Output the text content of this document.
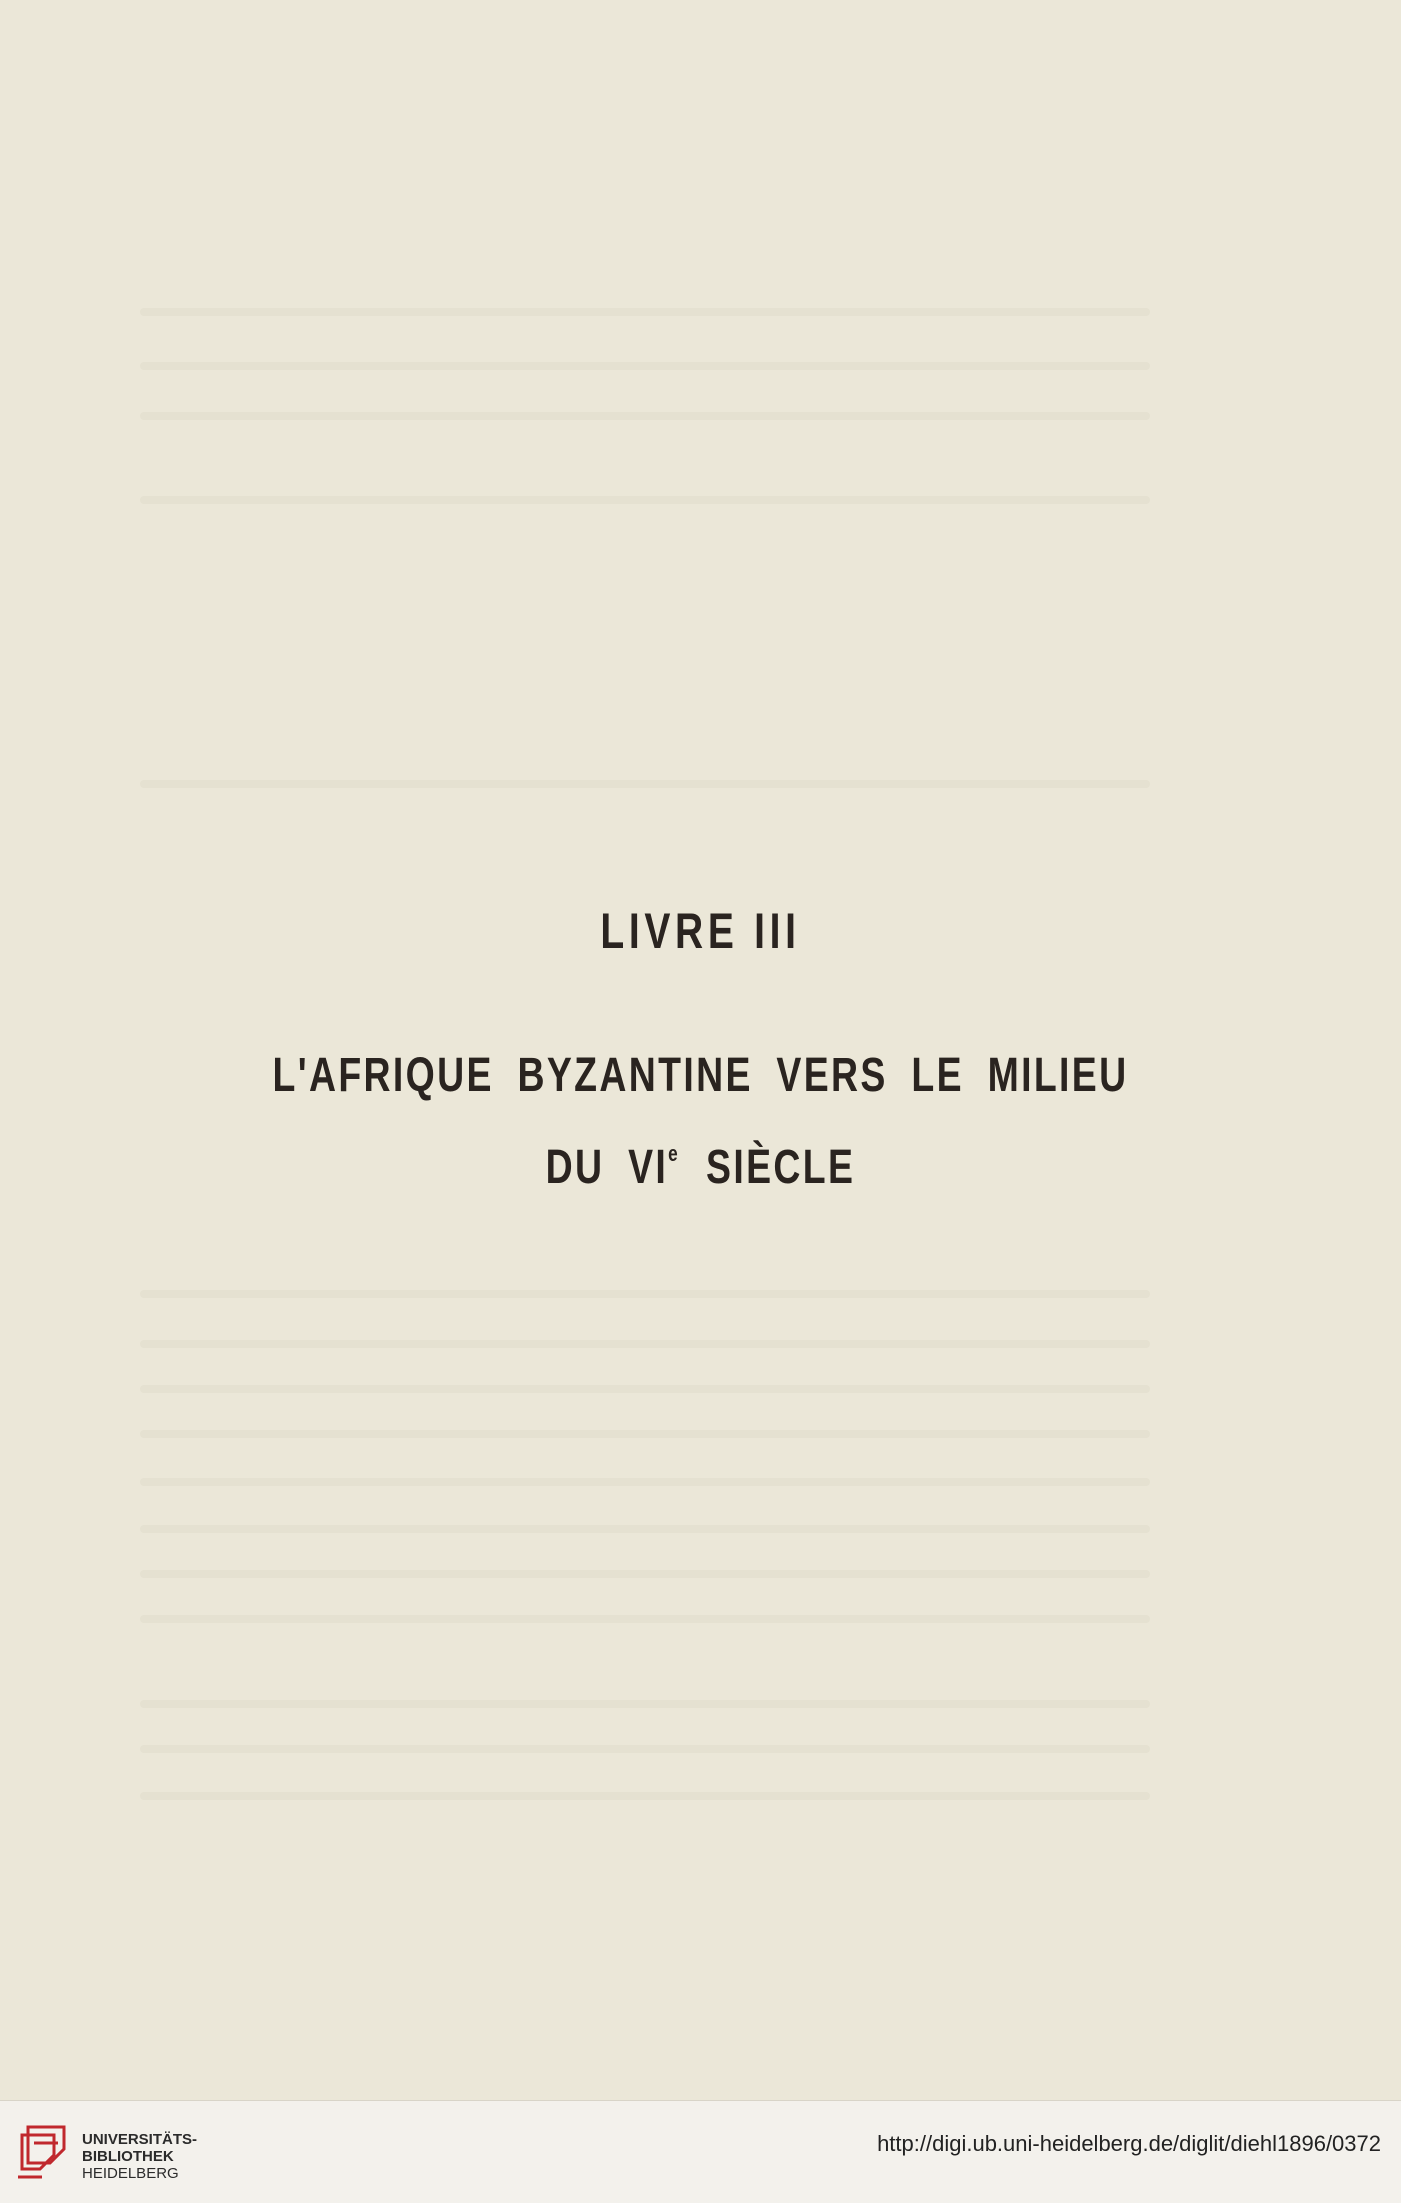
LIVRE III
L'AFRIQUE BYZANTINE VERS LE MILIEU
DU VIe SIÈCLE
UNIVERSITÄTS-
BIBLIOTHEK
HEIDELBERG
http://digi.ub.uni-heidelberg.de/diglit/diehl1896/0372
